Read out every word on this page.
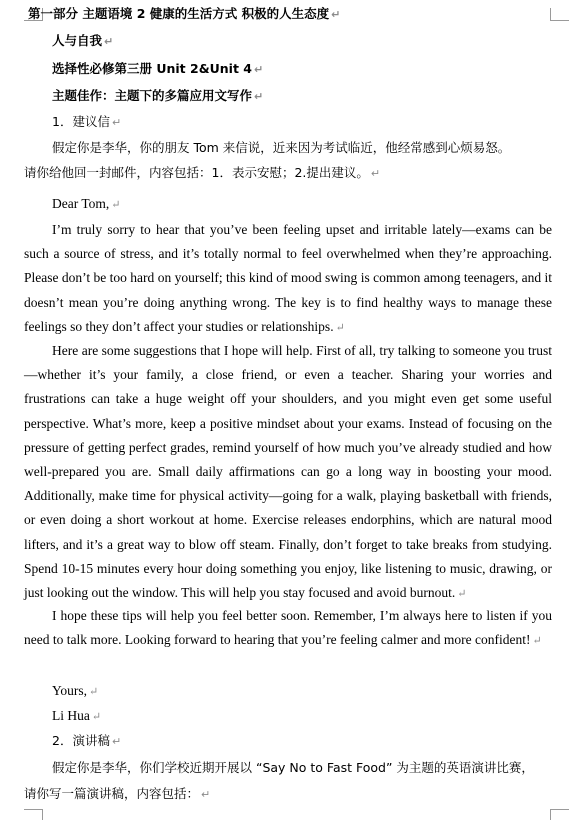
第一部分 主题语境 2 健康的生活方式 积极的人生态度 ↵
人与自我 ↵
选择性必修第三册 Unit 2&Unit 4 ↵
主题佳作：主题下的多篇应用文写作 ↵
1．建议信 ↵
假定你是李华，你的朋友 Tom 来信说，近来因为考试临近，他经常感到心烦易怒。
请你给他回一封邮件，内容包括：1．表示安慰；2.提出建议。 ↵
Dear Tom, ↵
I’m truly sorry to hear that you’ve been feeling upset and irritable lately—exams can be such a source of stress, and it’s totally normal to feel overwhelmed when they’re approaching. Please don’t be too hard on yourself; this kind of mood swing is common among teenagers, and it doesn’t mean you’re doing anything wrong. The key is to find healthy ways to manage these feelings so they don’t affect your studies or relationships. ↵
Here are some suggestions that I hope will help. First of all, try talking to someone you trust—whether it’s your family, a close friend, or even a teacher. Sharing your worries and frustrations can take a huge weight off your shoulders, and you might even get some useful perspective. What’s more, keep a positive mindset about your exams. Instead of focusing on the pressure of getting perfect grades, remind yourself of how much you’ve already studied and how well-prepared you are. Small daily affirmations can go a long way in boosting your mood. Additionally, make time for physical activity—going for a walk, playing basketball with friends, or even doing a short workout at home. Exercise releases endorphins, which are natural mood lifters, and it’s a great way to blow off steam. Finally, don’t forget to take breaks from studying. Spend 10-15 minutes every hour doing something you enjoy, like listening to music, drawing, or just looking out the window. This will help you stay focused and avoid burnout. ↵
I hope these tips will help you feel better soon. Remember, I’m always here to listen if you need to talk more. Looking forward to hearing that you’re feeling calmer and more confident! ↵
Yours, ↵
Li Hua ↵
2．演讲稿 ↵
假定你是李华，你们学校近期开展以 “Say No to Fast Food” 为主题的英语演讲比赛，
请你写一篇演讲稿，内容包括： ↵
